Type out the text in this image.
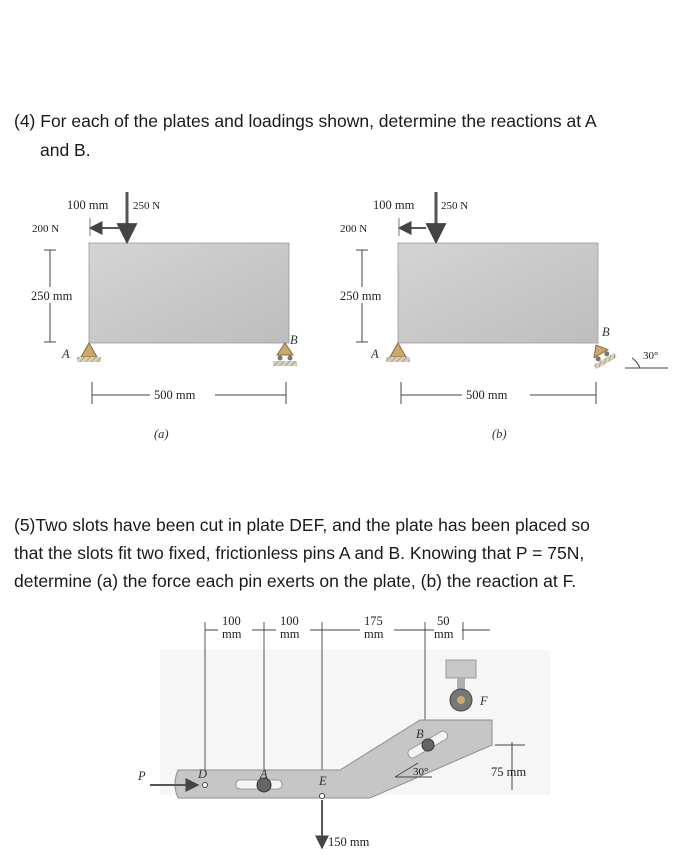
(4) For each of the plates and loadings shown, determine the reactions at A

and B.

(5)Two slots have been cut in plate DEF, and the plate has been placed so

that the slots fit two fixed, frictionless pins A and B. Knowing that P = 75N,

determine (a) the force each pin exerts on the plate, (b) the reaction at F.

100 mm 250 N
200 N
250 mm
A
B
500 mm
(a)
100 mm 250 N
200 N
250 mm
A
B
30°
500 mm
(b)
100
mm
100
mm
175
mm
50
mm
F
B
30°	75 mm
P	D	A	E
150 mm
